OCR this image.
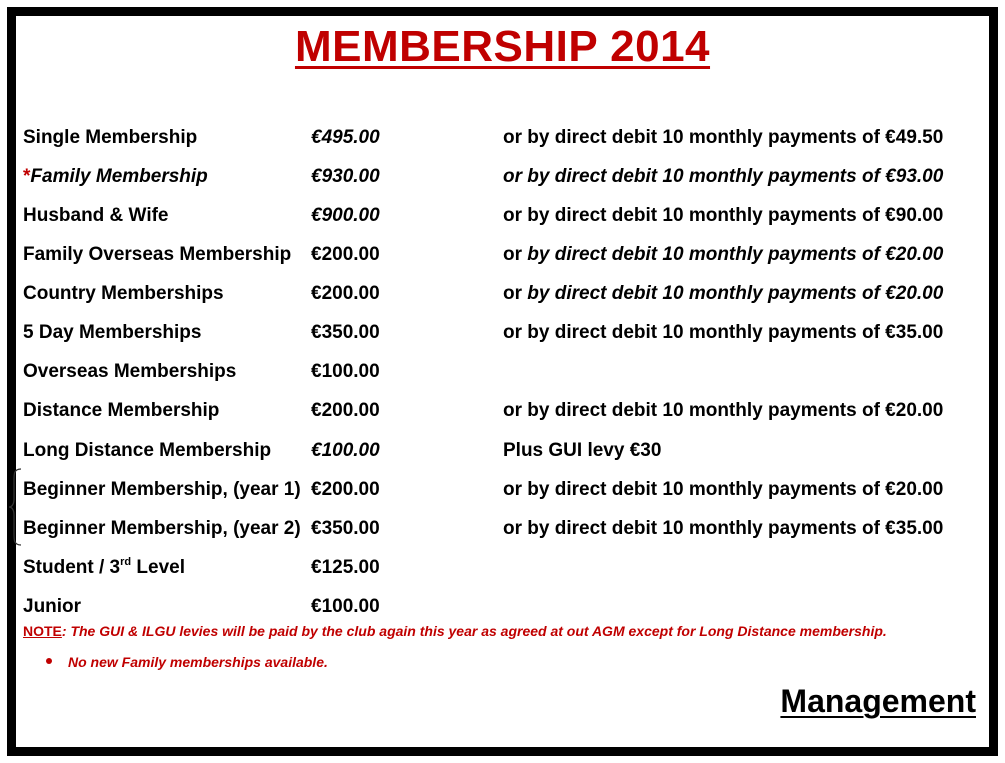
MEMBERSHIP 2014
Single Membership	€495.00	or by direct debit 10 monthly payments of €49.50
*Family Membership	€930.00	or by direct debit 10 monthly payments of €93.00
Husband & Wife	€900.00	or by direct debit 10 monthly payments of €90.00
Family Overseas Membership €200.00	or by direct debit 10 monthly payments of €20.00
Country Memberships	€200.00	or by direct debit 10 monthly payments of €20.00
5 Day Memberships	€350.00	or by direct debit 10 monthly payments of €35.00
Overseas Memberships	€100.00
Distance Membership	€200.00	or by direct debit 10 monthly payments of €20.00
Long Distance Membership €100.00	Plus GUI levy €30
Beginner Membership, (year 1) €200.00	or by direct debit 10 monthly payments of €20.00
Beginner Membership, (year 2) €350.00	or by direct debit 10 monthly payments of €35.00
Student / 3rd Level	€125.00
Junior	€100.00
NOTE: The GUI & ILGU levies will be paid by the club again this year as agreed at out AGM except for Long Distance membership.
No new Family memberships available.
Management
